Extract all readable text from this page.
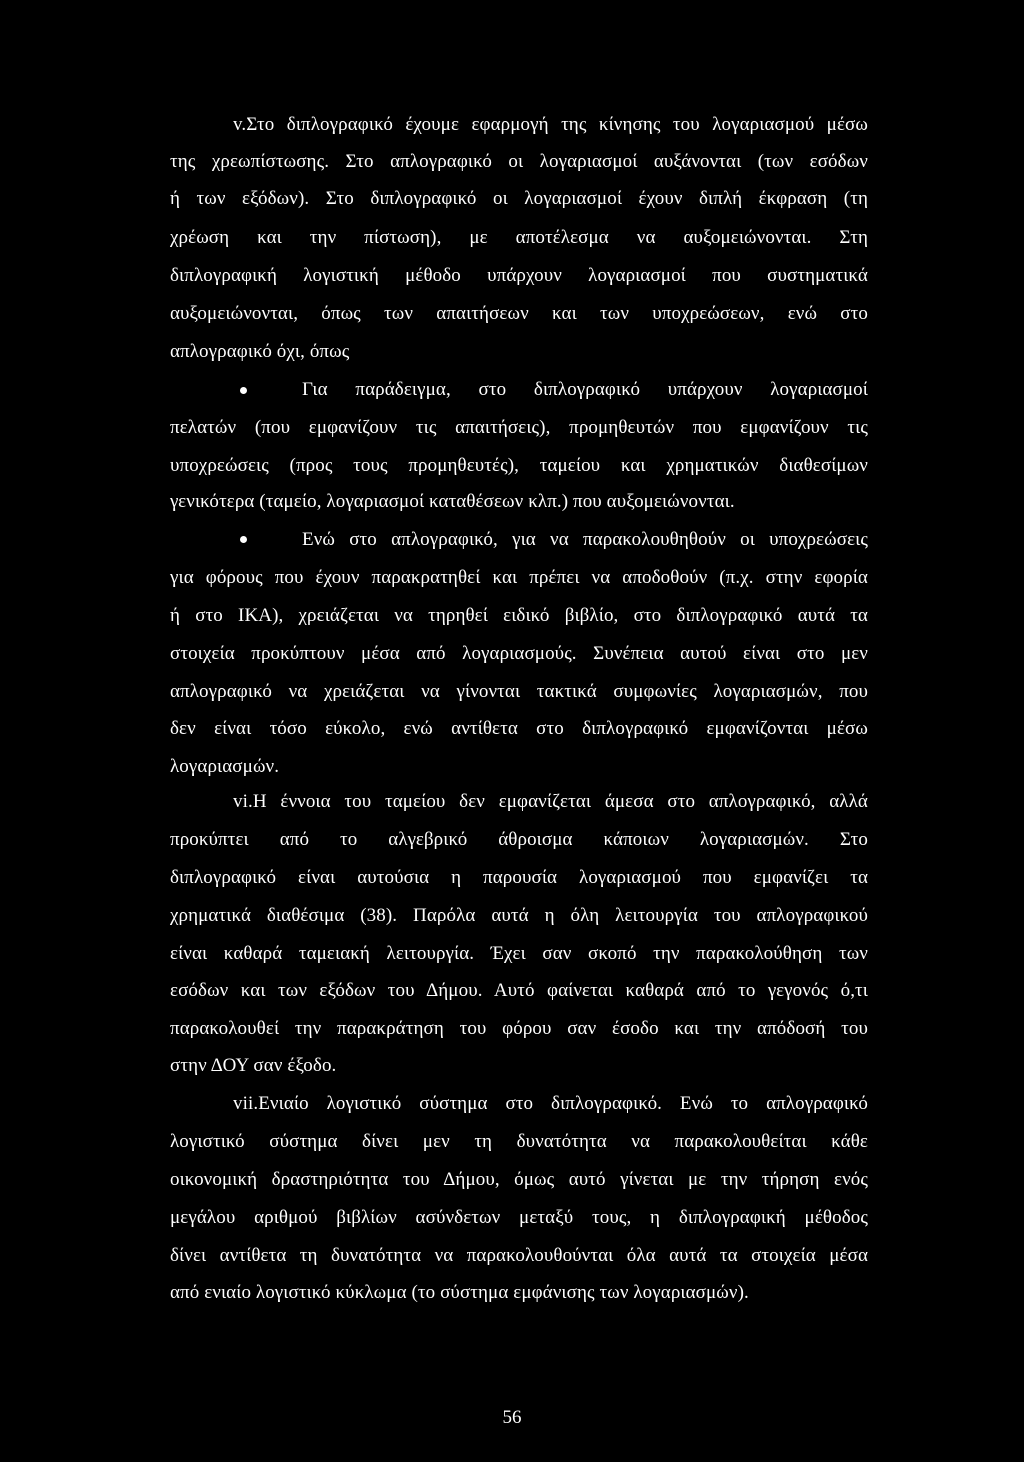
v.Στο διπλογραφικό έχουμε εφαρμογή της κίνησης του λογαριασμού μέσω
της χρεωπίστωσης. Στο απλογραφικό οι λογαριασμοί αυξάνονται (των εσόδων
ή των εξόδων). Στο διπλογραφικό οι λογαριασμοί έχουν διπλή έκφραση (τη
χρέωση και την πίστωση), με αποτέλεσμα να αυξομειώνονται. Στη
διπλογραφική λογιστική μέθοδο υπάρχουν λογαριασμοί που συστηματικά
αυξομειώνονται, όπως των απαιτήσεων και των υποχρεώσεων, ενώ στο
απλογραφικό όχι, όπως
Για παράδειγμα, στο διπλογραφικό υπάρχουν λογαριασμοί
πελατών (που εμφανίζουν τις απαιτήσεις), προμηθευτών που εμφανίζουν τις
υποχρεώσεις (προς τους προμηθευτές), ταμείου και χρηματικών διαθεσίμων
γενικότερα (ταμείο, λογαριασμοί καταθέσεων κλπ.) που αυξομειώνονται.
Ενώ στο απλογραφικό, για να παρακολουθηθούν οι υποχρεώσεις
για φόρους που έχουν παρακρατηθεί και πρέπει να αποδοθούν (π.χ. στην εφορία
ή στο ΙΚΑ), χρειάζεται να τηρηθεί ειδικό βιβλίο, στο διπλογραφικό αυτά τα
στοιχεία προκύπτουν μέσα από λογαριασμούς. Συνέπεια αυτού είναι στο μεν
απλογραφικό να χρειάζεται να γίνονται τακτικά συμφωνίες λογαριασμών, που
δεν είναι τόσο εύκολο, ενώ αντίθετα στο διπλογραφικό εμφανίζονται μέσω
λογαριασμών.
vi.Η έννοια του ταμείου δεν εμφανίζεται άμεσα στο απλογραφικό, αλλά
προκύπτει από το αλγεβρικό άθροισμα κάποιων λογαριασμών. Στο
διπλογραφικό είναι αυτούσια η παρουσία λογαριασμού που εμφανίζει τα
χρηματικά διαθέσιμα (38). Παρόλα αυτά η όλη λειτουργία του απλογραφικού
είναι καθαρά ταμειακή λειτουργία. Έχει σαν σκοπό την παρακολούθηση των
εσόδων και των εξόδων του Δήμου. Αυτό φαίνεται καθαρά από το γεγονός ό,τι
παρακολουθεί την παρακράτηση του φόρου σαν έσοδο και την απόδοσή του
στην ΔΟΥ σαν έξοδο.
vii.Ενιαίο λογιστικό σύστημα στο διπλογραφικό. Ενώ το απλογραφικό
λογιστικό σύστημα δίνει μεν τη δυνατότητα να παρακολουθείται κάθε
οικονομική δραστηριότητα του Δήμου, όμως αυτό γίνεται με την τήρηση ενός
μεγάλου αριθμού βιβλίων ασύνδετων μεταξύ τους, η διπλογραφική μέθοδος
δίνει αντίθετα τη δυνατότητα να παρακολουθούνται όλα αυτά τα στοιχεία μέσα
από ενιαίο λογιστικό κύκλωμα (το σύστημα εμφάνισης των λογαριασμών).
56
